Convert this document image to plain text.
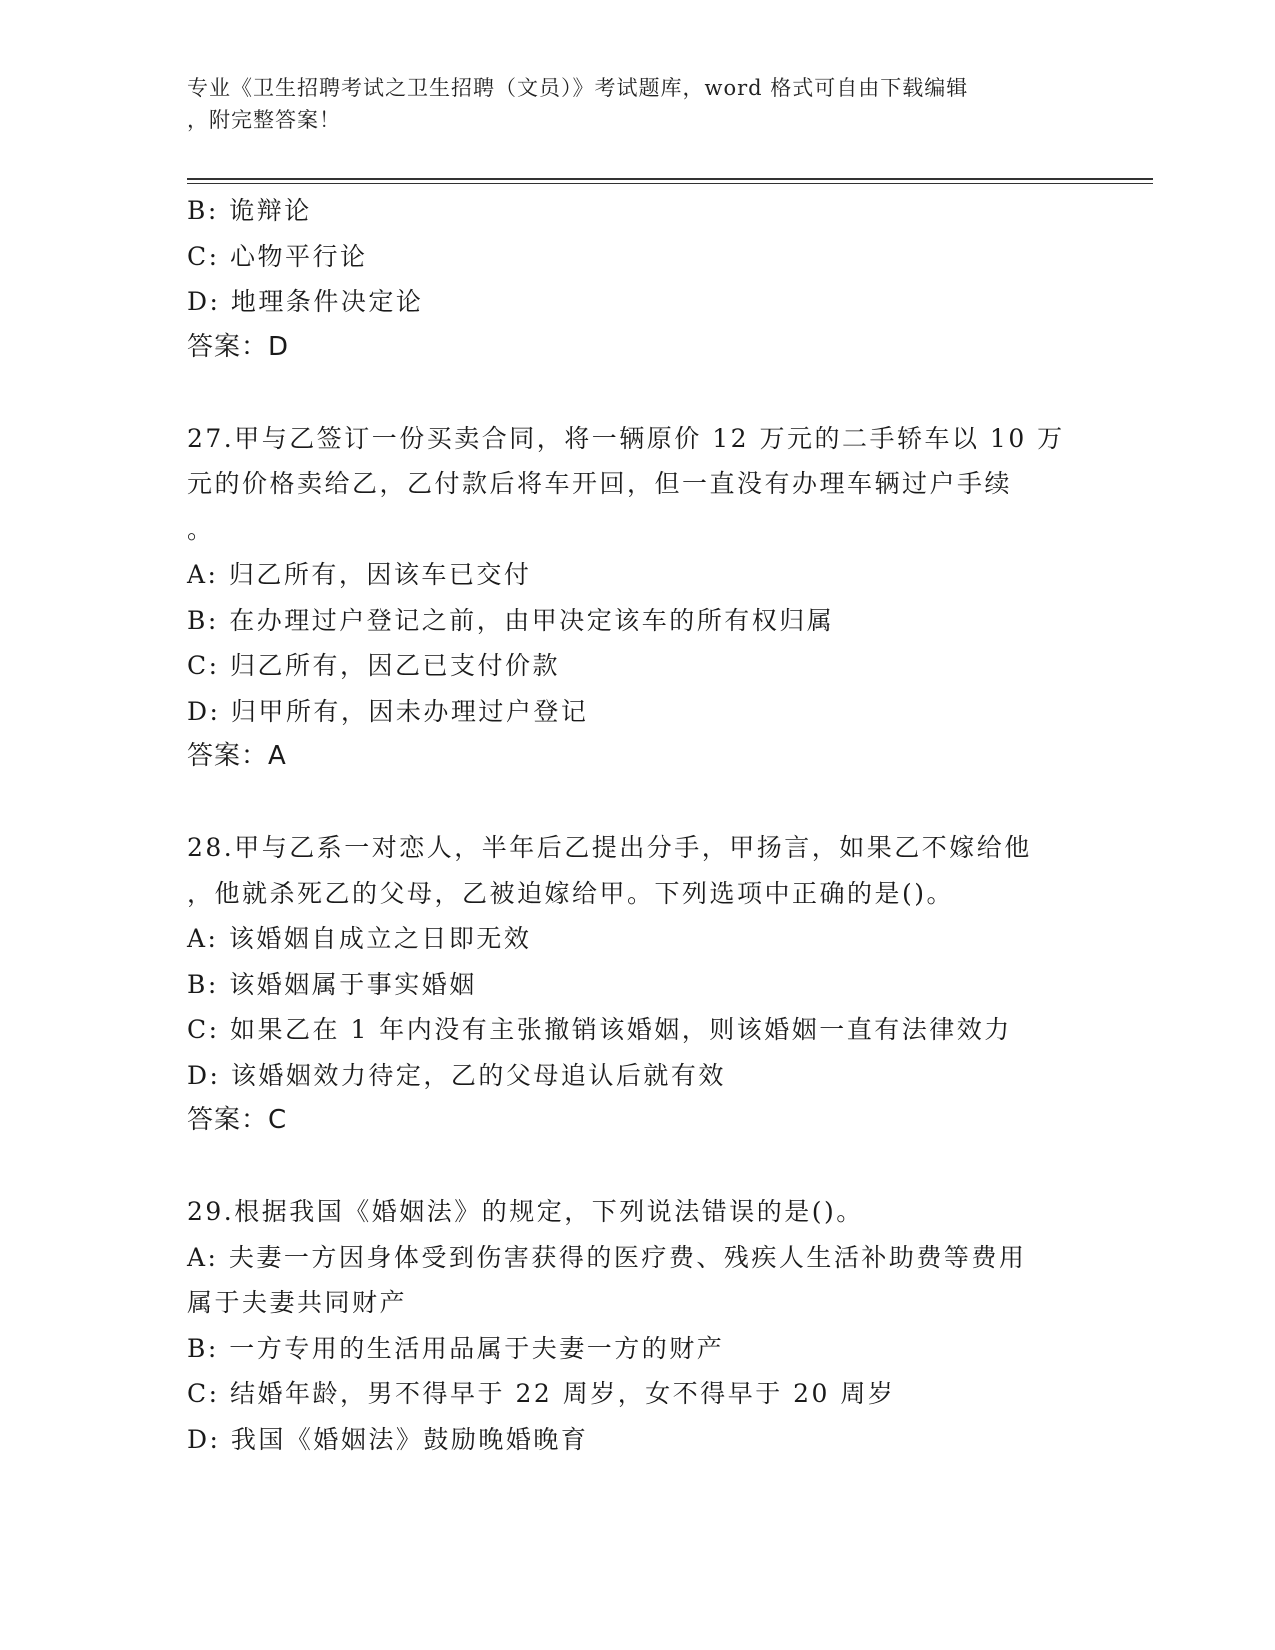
专业《卫生招聘考试之卫生招聘（文员）》考试题库，word 格式可自由下载编辑
，附完整答案！

B: 诡辩论

C: 心物平行论

D: 地理条件决定论

答案：D

27.甲与乙签订一份买卖合同，将一辆原价 12 万元的二手轿车以 10 万

元的价格卖给乙，乙付款后将车开回，但一直没有办理车辆过户手续

。

A: 归乙所有，因该车已交付

B: 在办理过户登记之前，由甲决定该车的所有权归属

C: 归乙所有，因乙已支付价款

D: 归甲所有，因未办理过户登记

答案：A

28.甲与乙系一对恋人，半年后乙提出分手，甲扬言，如果乙不嫁给他

，他就杀死乙的父母，乙被迫嫁给甲。下列选项中正确的是()。

A: 该婚姻自成立之日即无效

B: 该婚姻属于事实婚姻

C: 如果乙在 1 年内没有主张撤销该婚姻，则该婚姻一直有法律效力

D: 该婚姻效力待定，乙的父母追认后就有效

答案：C

29.根据我国《婚姻法》的规定，下列说法错误的是()。

A: 夫妻一方因身体受到伤害获得的医疗费、残疾人生活补助费等费用

属于夫妻共同财产

B: 一方专用的生活用品属于夫妻一方的财产

C: 结婚年龄，男不得早于 22 周岁，女不得早于 20 周岁

D: 我国《婚姻法》鼓励晚婚晚育
